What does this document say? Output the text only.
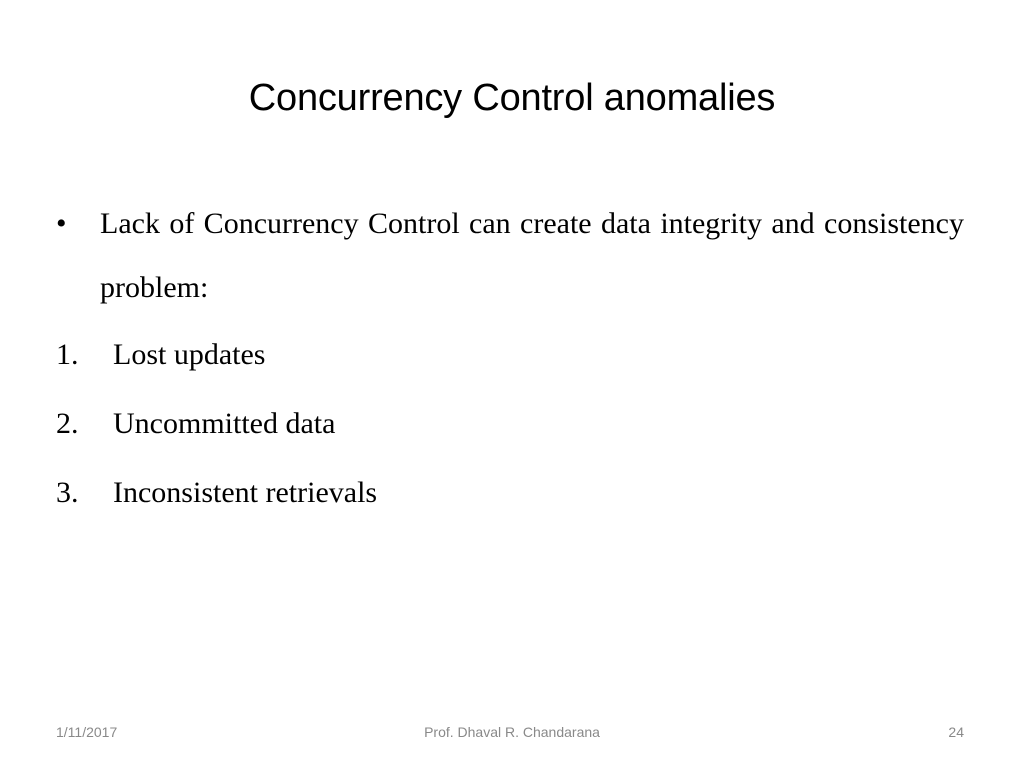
Concurrency Control anomalies
•	Lack of Concurrency Control can create data integrity and consistency problem:
1. Lost updates
2. Uncommitted data
3. Inconsistent retrievals
1/11/2017	Prof. Dhaval R. Chandarana	24
